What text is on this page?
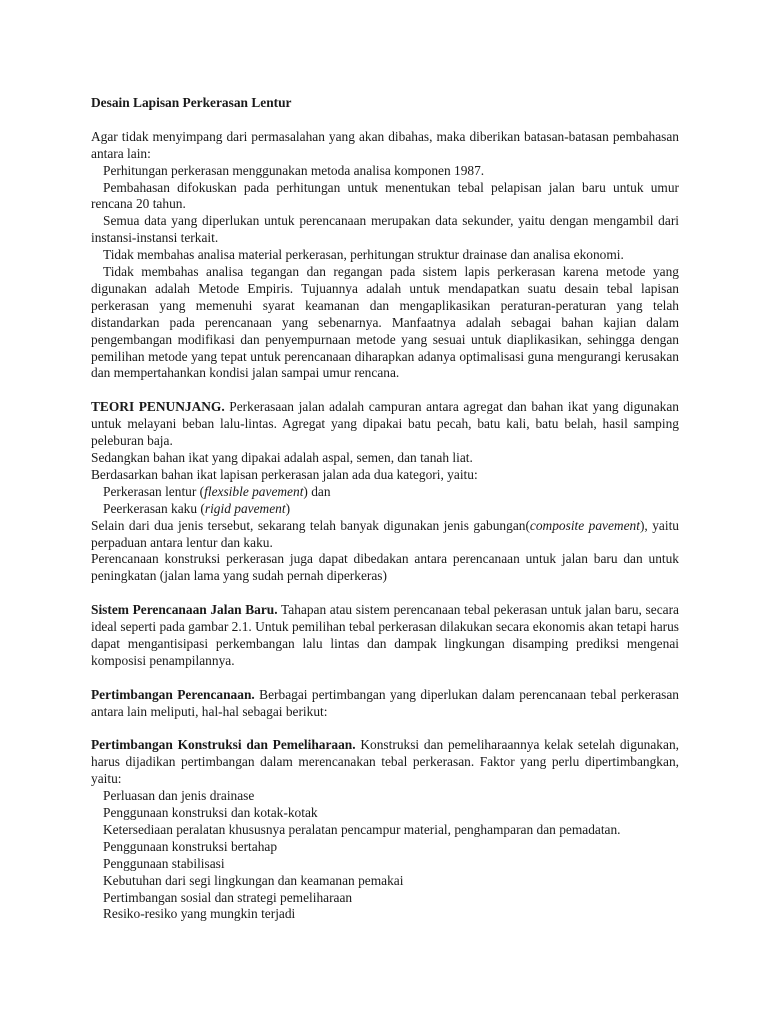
Desain Lapisan Perkerasan Lentur

Agar tidak menyimpang dari permasalahan yang akan dibahas, maka diberikan batasan-batasan pembahasan antara lain:

Perhitungan perkerasan menggunakan metoda analisa komponen 1987.

Pembahasan difokuskan pada perhitungan untuk menentukan tebal pelapisan jalan baru untuk umur rencana 20 tahun.

Semua data yang diperlukan untuk perencanaan merupakan data sekunder, yaitu dengan mengambil dari instansi-instansi terkait.

Tidak membahas analisa material perkerasan, perhitungan struktur drainase dan analisa ekonomi.

Tidak membahas analisa tegangan dan regangan pada sistem lapis perkerasan karena metode yang digunakan adalah Metode Empiris. Tujuannya adalah untuk mendapatkan suatu desain tebal lapisan perkerasan yang memenuhi syarat keamanan dan mengaplikasikan peraturan-peraturan yang telah distandarkan pada perencanaan yang sebenarnya. Manfaatnya adalah sebagai bahan kajian dalam pengembangan modifikasi dan penyempurnaan metode yang sesuai untuk diaplikasikan, sehingga dengan pemilihan metode yang tepat untuk perencanaan diharapkan adanya optimalisasi guna mengurangi kerusakan dan mempertahankan kondisi jalan sampai umur rencana.

TEORI PENUNJANG. Perkerasaan jalan adalah campuran antara agregat dan bahan ikat yang digunakan untuk melayani beban lalu-lintas. Agregat yang dipakai batu pecah, batu kali, batu belah, hasil samping peleburan baja.

Sedangkan bahan ikat yang dipakai adalah aspal, semen, dan tanah liat.

Berdasarkan bahan ikat lapisan perkerasan jalan ada dua kategori, yaitu:

Perkerasan lentur (flexsible pavement) dan

Peerkerasan kaku (rigid pavement)

Selain dari dua jenis tersebut, sekarang telah banyak digunakan jenis gabungan(composite pavement), yaitu perpaduan antara lentur dan kaku.

Perencanaan konstruksi perkerasan juga dapat dibedakan antara perencanaan untuk jalan baru dan untuk peningkatan (jalan lama yang sudah pernah diperkeras)

Sistem Perencanaan Jalan Baru. Tahapan atau sistem perencanaan tebal pekerasan untuk jalan baru, secara ideal seperti pada gambar 2.1. Untuk pemilihan tebal perkerasan dilakukan secara ekonomis akan tetapi harus dapat mengantisipasi perkembangan lalu lintas dan dampak lingkungan disamping prediksi mengenai komposisi penampilannya.

Pertimbangan Perencanaan. Berbagai pertimbangan yang diperlukan dalam perencanaan tebal perkerasan antara lain meliputi, hal-hal sebagai berikut:

Pertimbangan Konstruksi dan Pemeliharaan. Konstruksi dan pemeliharaannya kelak setelah digunakan, harus dijadikan pertimbangan dalam merencanakan tebal perkerasan. Faktor yang perlu dipertimbangkan, yaitu:

Perluasan dan jenis drainase

Penggunaan konstruksi dan kotak-kotak

Ketersediaan peralatan khususnya peralatan pencampur material, penghamparan dan pemadatan.

Penggunaan konstruksi bertahap

Penggunaan stabilisasi

Kebutuhan dari segi lingkungan dan keamanan pemakai

Pertimbangan sosial dan strategi pemeliharaan

Resiko-resiko yang mungkin terjadi
